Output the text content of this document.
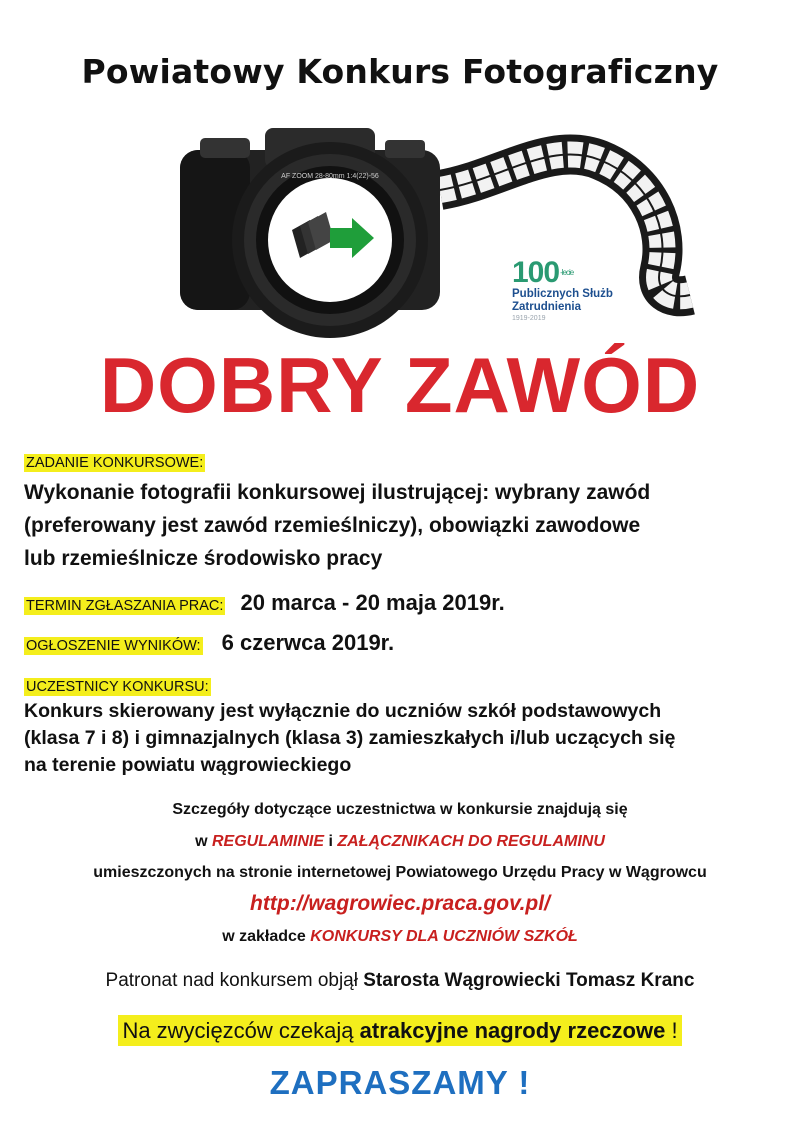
Powiatowy Konkurs Fotograficzny
AF ZOOM 28-80mm 1:4(22)-56
$100^{-lecie}$
Publicznych Służb
Zatrudnienia
1919-2019
DOBRY ZAWÓD
ZADANIE KONKURSOWE:
Wykonanie fotografii konkursowej ilustrującej: wybrany zawód
(preferowany jest zawód rzemieślniczy), obowiązki zawodowe
lub rzemieślnicze środowisko pracy
TERMIN ZGŁASZANIA PRAC: 20 marca - 20 maja 2019r.
OGŁOSZENIE WYNIKÓW: 6 czerwca 2019r.
UCZESTNICY KONKURSU:
Konkurs skierowany jest wyłącznie do uczniów szkół podstawowych
(klasa 7 i 8) i gimnazjalnych (klasa 3) zamieszkałych i/lub uczących się
na terenie powiatu wągrowieckiego
Szczegóły dotyczące uczestnictwa w konkursie znajdują się
w REGULAMINIE i ZAŁĄCZNIKACH DO REGULAMINU
umieszczonych na stronie internetowej Powiatowego Urzędu Pracy w Wągrowcu
http://wagrowiec.praca.gov.pl/
w zakładce KONKURSY DLA UCZNIÓW SZKÓŁ
Patronat nad konkursem objął Starosta Wągrowiecki Tomasz Kranc
Na zwycięzców czekają atrakcyjne nagrody rzeczowe !
ZAPRASZAMY !
